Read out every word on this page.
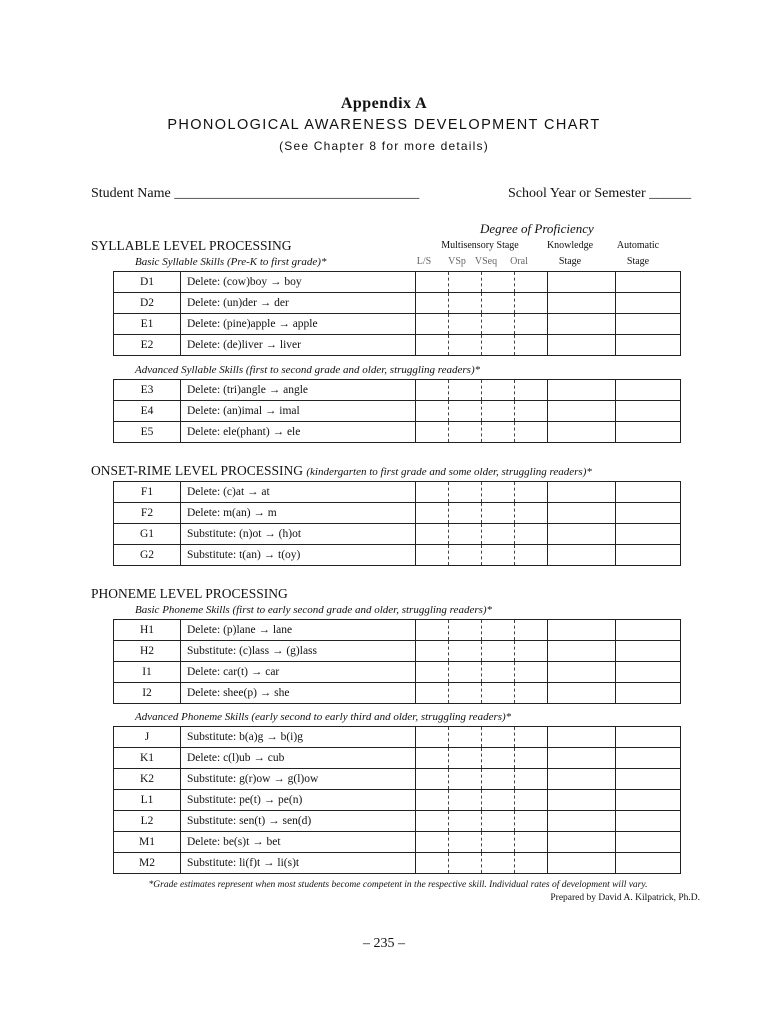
Appendix A
PHONOLOGICAL AWARENESS DEVELOPMENT CHART
(See Chapter 8 for more details)
Student Name ___________________________________	School Year or Semester ______
Degree of Proficiency
Multisensory Stage	Knowledge
Stage
Automatic
Stage
L/S	VSp VSeq	Oral
SYLLABLE LEVEL PROCESSING
Basic Syllable Skills (Pre-K to first grade)*
D1	Delete: (cow)boy → boy						
D2	Delete: (un)der → der						
E1	Delete: (pine)apple → apple						
E2	Delete: (de)liver → liver						
Advanced Syllable Skills (first to second grade and older, struggling readers)*
E3	Delete: (tri)angle → angle						
E4	Delete: (an)imal → imal						
E5	Delete: ele(phant) → ele						
ONSET-RIME LEVEL PROCESSING (kindergarten to first grade and some older, struggling readers)*
F1	Delete: (c)at → at						
F2	Delete: m(an) → m						
G1	Substitute: (n)ot → (h)ot						
G2	Substitute: t(an) → t(oy)						
PHONEME LEVEL PROCESSING
Basic Phoneme Skills (first to early second grade and older, struggling readers)*
H1	Delete: (p)lane → lane						
H2	Substitute: (c)lass → (g)lass						
I1	Delete: car(t) → car						
I2	Delete: shee(p) → she						
Advanced Phoneme Skills (early second to early third and older, struggling readers)*
J	Substitute: b(a)g → b(i)g						
K1	Delete: c(l)ub → cub						
K2	Substitute: g(r)ow → g(l)ow						
L1	Substitute: pe(t) → pe(n)						
L2	Substitute: sen(t) → sen(d)						
M1	Delete: be(s)t → bet						
M2	Substitute: li(f)t → li(s)t						
*Grade estimates represent when most students become competent in the respective skill. Individual rates of development will vary.
Prepared by David A. Kilpatrick, Ph.D.
– 235 –
